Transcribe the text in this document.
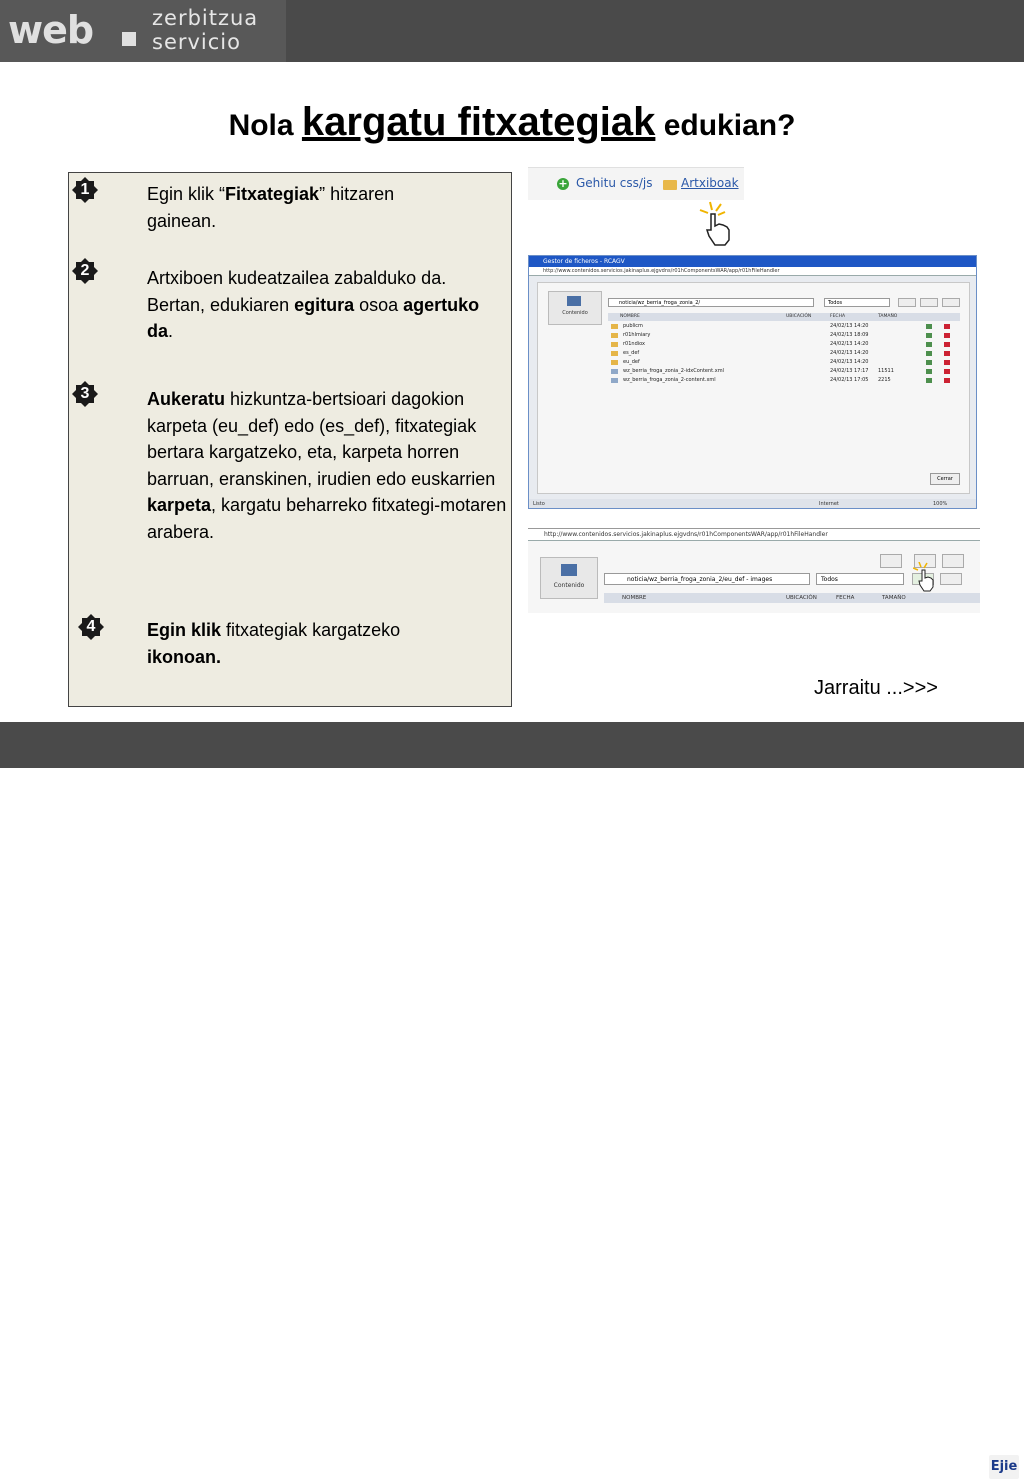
web	zerbitzua
servicio
Nola kargatu fitxategiak edukian?
1
2
3
4
Egin klik “Fitxategiak” hitzaren gainean.
Artxiboen kudeatzailea zabalduko da. Bertan, edukiaren egitura osoa agertuko da.
Aukeratu hizkuntza-bertsioari dagokion karpeta (eu_def) edo (es_def), fitxategiak bertara kargatzeko, eta, karpeta horren barruan, eranskinen, irudien edo euskarrien karpeta, kargatu beharreko fitxategi-motaren arabera.
Egin klik fitxategiak kargatzeko ikonoan.
+ Gehitu css/js Artxiboak
Gestor de ficheros - RCAGV
http://www.contenidos.servicios.jakinaplus.ejgvdns/r01hComponentsWAR/app/r01hFileHandler
Contenido
noticia/wz_berria_froga_zonia_2/	Todos
NOMBRE	UBICACIÓN	FECHA	TAMAÑO
publicm	24/02/13 14:20
r01hlmiary	24/02/13 18:09
r01ndiox	24/02/13 14:20
es_def	24/02/13 14:20
eu_def	24/02/13 14:20
wz_berria_froga_zonia_2-idxContent.xml	24/02/13 17:17 11511
wz_berria_froga_zonia_2-content.xml	24/02/13 17:05 2215
Cerrar
Listo	Internet	100%
http://www.contenidos.servicios.jakinaplus.ejgvdns/r01hComponentsWAR/app/r01hFileHandler
Contenido
noticia/wz_berria_froga_zonia_2/eu_def - images	Todos
NOMBRE	UBICACIÓN	FECHA	TAMAÑO
Jarraitu ...>>>
Ejie
